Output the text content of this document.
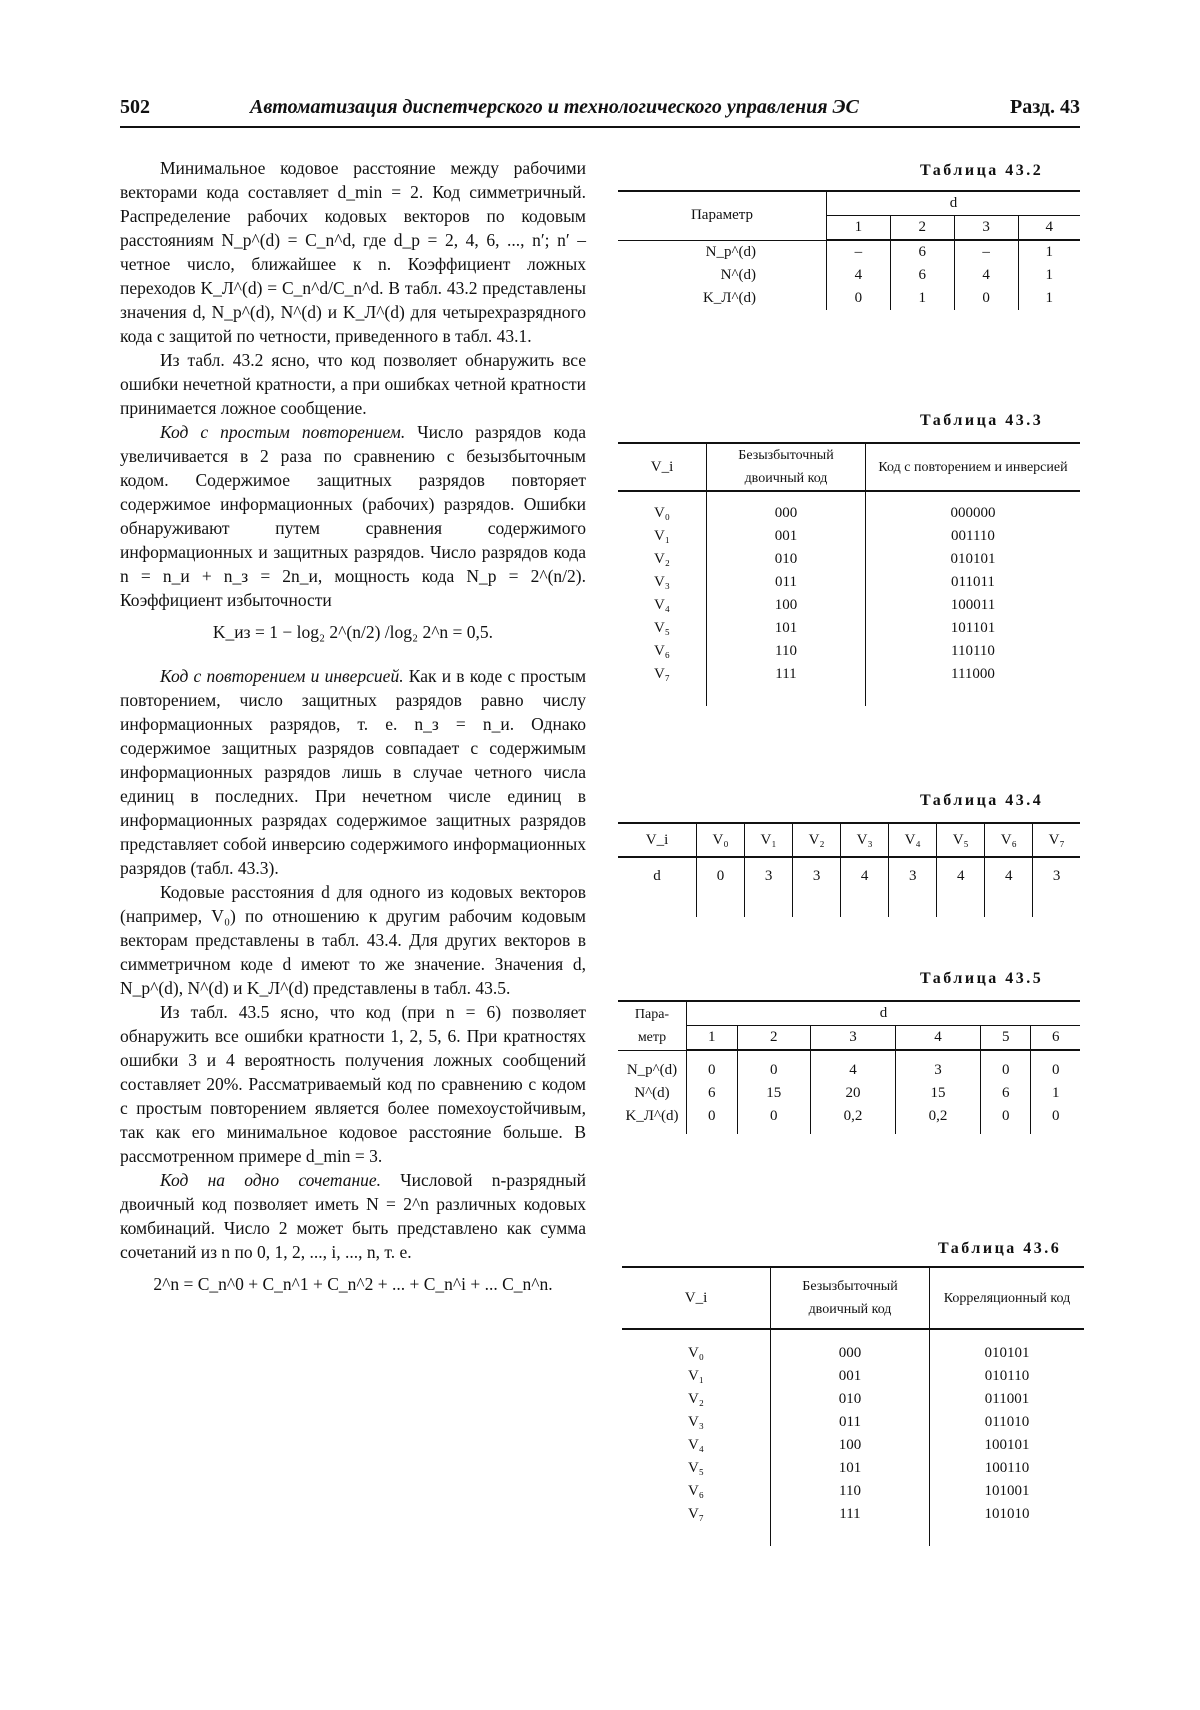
502	Автоматизация диспетчерского и технологического управления ЭС	Разд. 43

Минимальное кодовое расстояние между рабочими векторами кода составляет d_min = 2. Код симметричный. Распределение рабочих кодовых векторов по кодовым расстояниям N_p^(d) = C_n^d, где d_p = 2, 4, 6, ..., n′; n′ – четное число, ближайшее к n. Коэффициент ложных переходов K_Л^(d) = C_n^d/C_n^d. В табл. 43.2 представлены значения d, N_p^(d), N^(d) и K_Л^(d) для четырехразрядного кода с защитой по четности, приведенного в табл. 43.1.

Из табл. 43.2 ясно, что код позволяет обнаружить все ошибки нечетной кратности, а при ошибках четной кратности принимается ложное сообщение.

Код с простым повторением. Число разрядов кода увеличивается в 2 раза по сравнению с безызбыточным кодом. Содержимое защитных разрядов повторяет содержимое информационных (рабочих) разрядов. Ошибки обнаруживают путем сравнения содержимого информационных и защитных разрядов. Число разрядов кода n = n_и + n_з = 2n_и, мощность кода N_p = 2^(n/2). Коэффициент избыточности

K_из = 1 − log₂ 2^(n/2) /log₂ 2^n = 0,5.

Код с повторением и инверсией. Как и в коде с простым повторением, число защитных разрядов равно числу информационных разрядов, т. е. n_з = n_и. Однако содержимое защитных разрядов совпадает с содержимым информационных разрядов лишь в случае четного числа единиц в последних. При нечетном числе единиц в информационных разрядах содержимое защитных разрядов представляет собой инверсию содержимого информационных разрядов (табл. 43.3).

Кодовые расстояния d для одного из кодовых векторов (например, V₀) по отношению к другим рабочим кодовым векторам представлены в табл. 43.4. Для других векторов в симметричном коде d имеют то же значение. Значения d, N_p^(d), N^(d) и K_Л^(d) представлены в табл. 43.5.

Из табл. 43.5 ясно, что код (при n = 6) позволяет обнаружить все ошибки кратности 1, 2, 5, 6. При кратностях ошибки 3 и 4 вероятность получения ложных сообщений составляет 20%. Рассматриваемый код по сравнению с кодом с простым повторением является более помехоустойчивым, так как его минимальное кодовое расстояние больше. В рассмотренном примере d_min = 3.

Код на одно сочетание. Числовой n-разрядный двоичный код позволяет иметь N = 2^n различных кодовых комбинаций. Число 2 может быть представлено как сумма сочетаний из n по 0, 1, 2, ..., i, ..., n, т. е.

2^n = C_n^0 + C_n^1 + C_n^2 + ... + C_n^i + ... C_n^n.

Таблица 43.2
Параметр	d			
	1	2	3	4
N_p^(d)	–	6	–	1
N^(d)	4	6	4	1
K_Л^(d)	0	1	0	1
Таблица 43.3
V_i	Безызбыточный двоичный код	Код с повторением и инверсией
V₀	000	000000
V₁	001	001110
V₂	010	010101
V₃	011	011011
V₄	100	100011
V₅	101	101101
V₆	110	110110
V₇	111	111000
Таблица 43.4
V_i	V₀	V₁	V₂	V₃	V₄	V₅	V₆	V₇
d	0	3	3	4	3	4	4	3
Таблица 43.5
Пара-метр	d					
	1	2	3	4	5	6
N_p^(d)	0	0	4	3	0	0
N^(d)	6	15	20	15	6	1
K_Л^(d)	0	0	0,2	0,2	0	0
Таблица 43.6
V_i	Безызбыточный двоичный код	Корреляционный код
V₀	000	010101
V₁	001	010110
V₂	010	011001
V₃	011	011010
V₄	100	100101
V₅	101	100110
V₆	110	101001
V₇	111	101010
